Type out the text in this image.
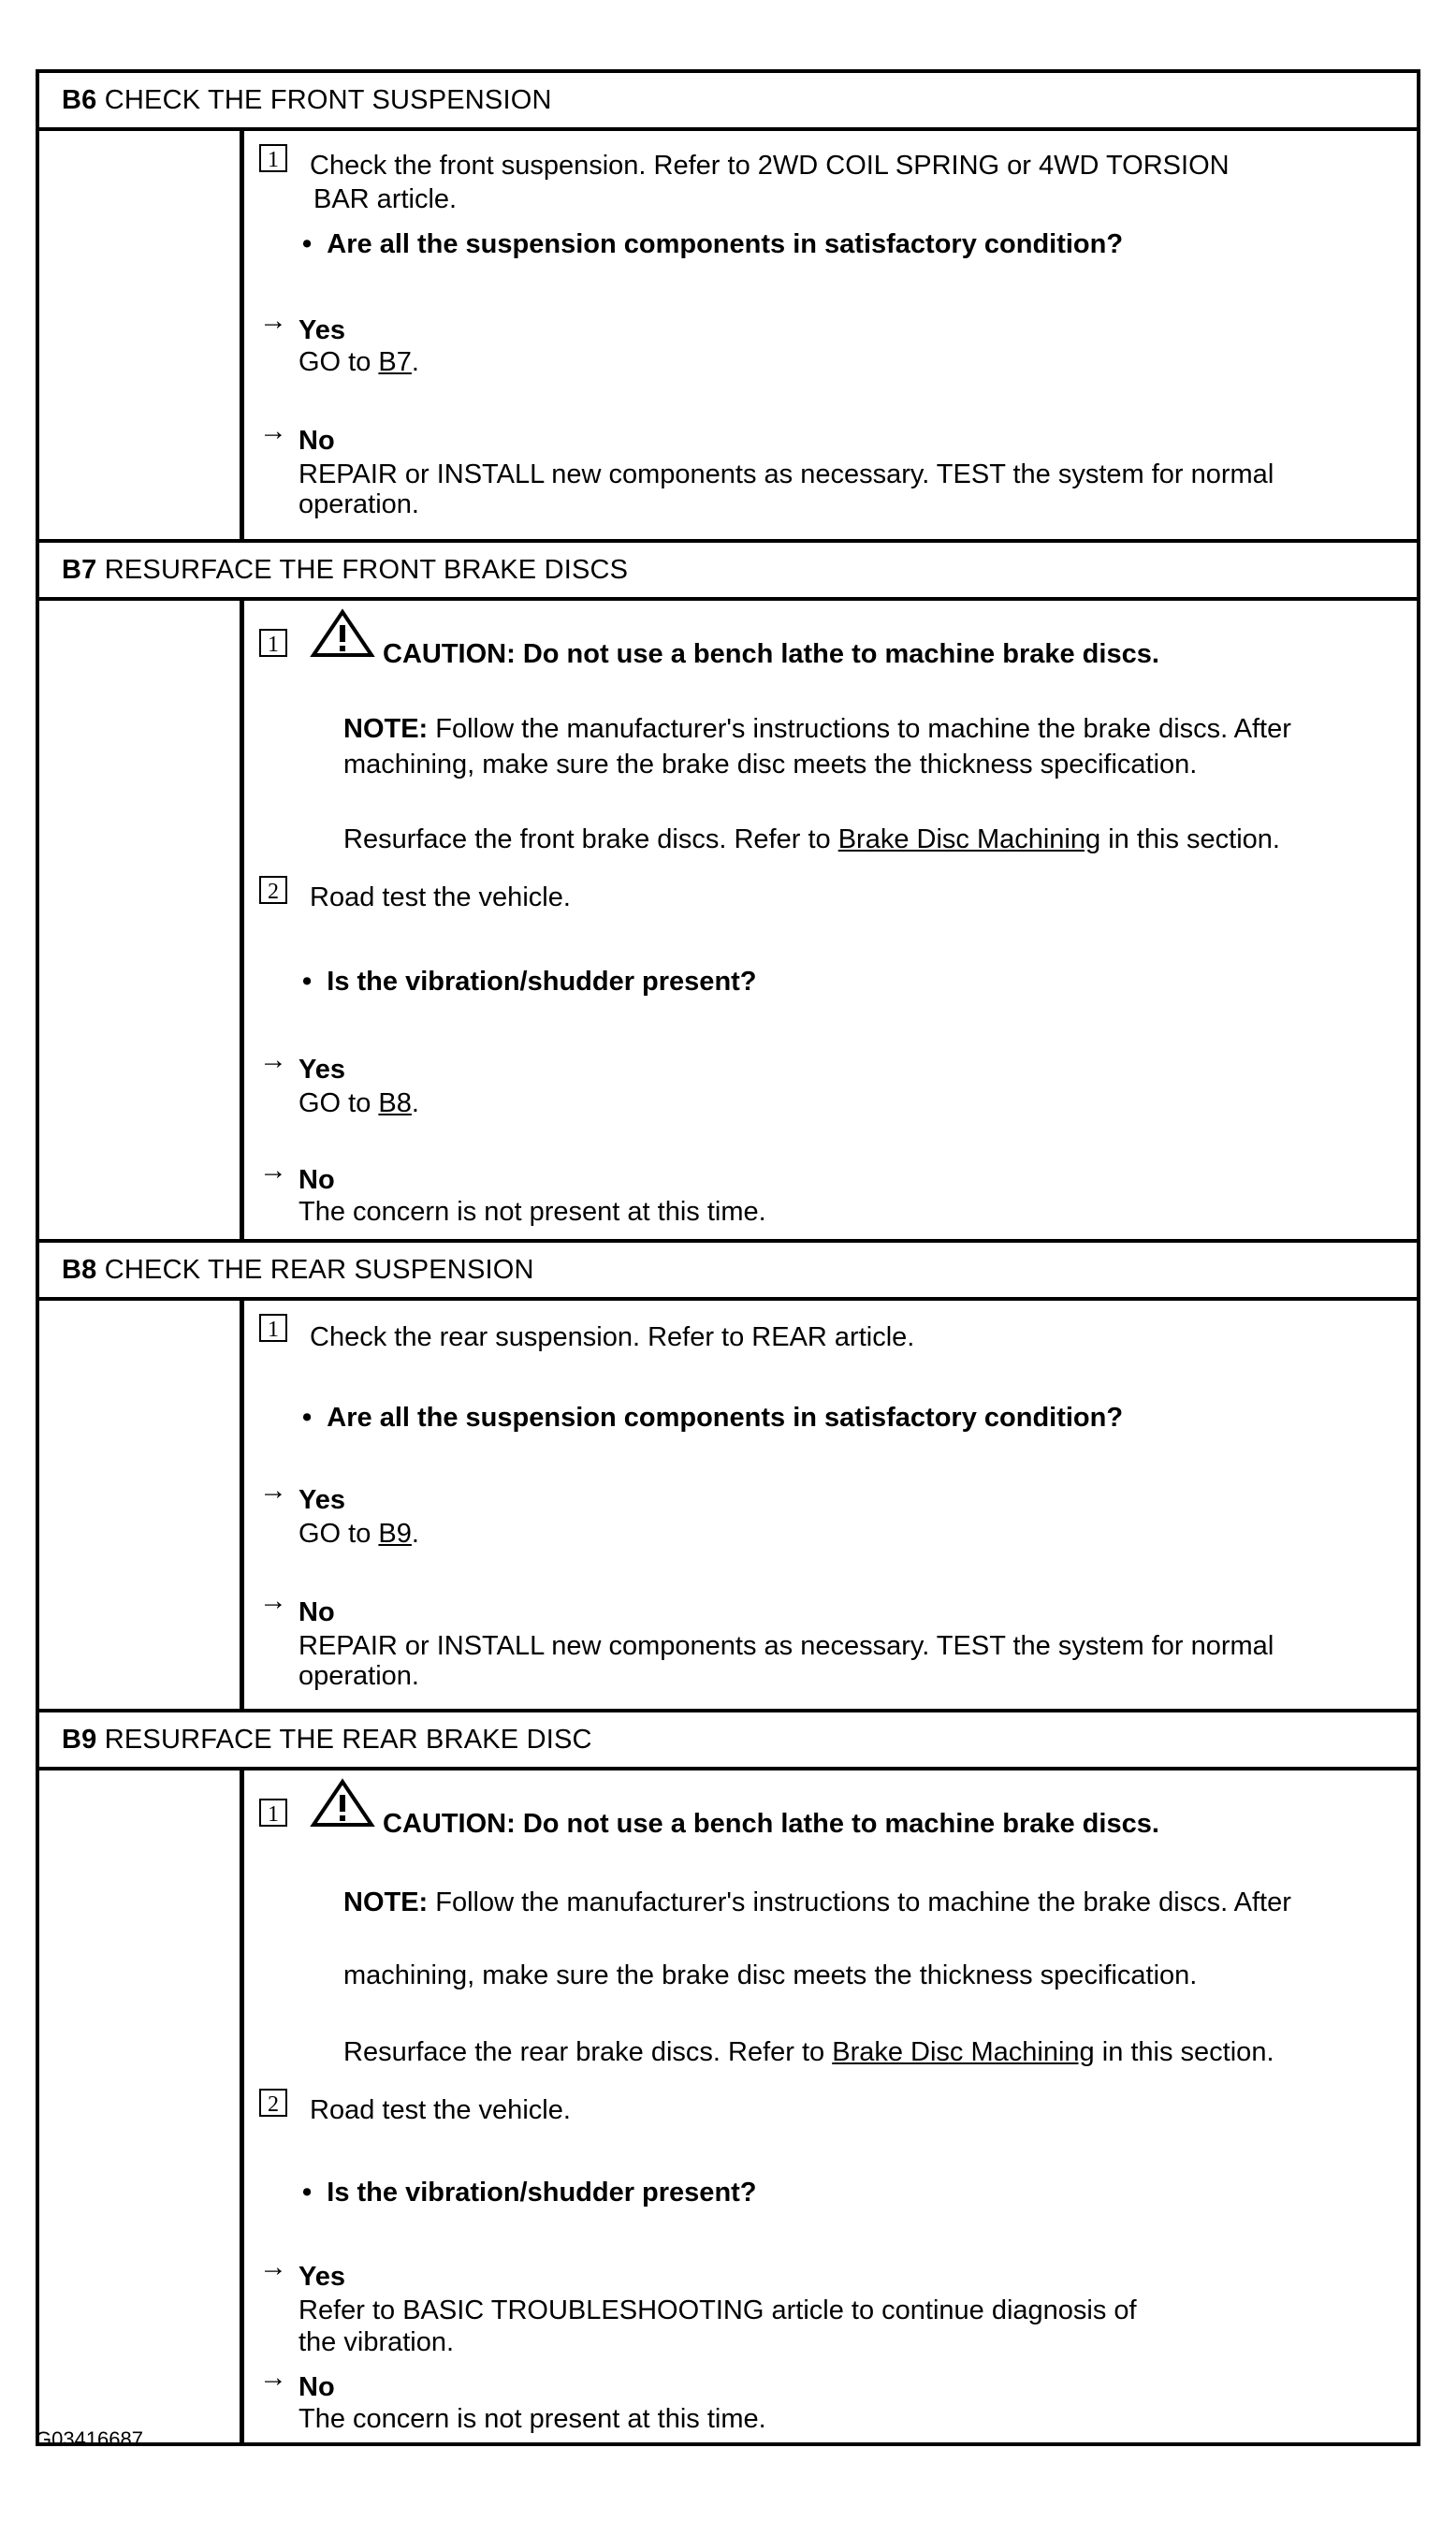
B6 CHECK THE FRONT SUSPENSION
1	Check the front suspension. Refer to 2WD COIL SPRING or 4WD TORSION
BAR article.
• Are all the suspension components in satisfactory condition?
→ Yes
GO to B7.
→ No
REPAIR or INSTALL new components as necessary. TEST the system for normal
operation.
B7 RESURFACE THE FRONT BRAKE DISCS
1	CAUTION: Do not use a bench lathe to machine brake discs.
NOTE: Follow the manufacturer's instructions to machine the brake discs. After
machining, make sure the brake disc meets the thickness specification.
Resurface the front brake discs. Refer to Brake Disc Machining in this section.
2	Road test the vehicle.
• Is the vibration/shudder present?
→ Yes
GO to B8.
→ No
The concern is not present at this time.
B8 CHECK THE REAR SUSPENSION
1	Check the rear suspension. Refer to REAR article.
• Are all the suspension components in satisfactory condition?
→ Yes
GO to B9.
→ No
REPAIR or INSTALL new components as necessary. TEST the system for normal
operation.
B9 RESURFACE THE REAR BRAKE DISC
1	CAUTION: Do not use a bench lathe to machine brake discs.
NOTE: Follow the manufacturer's instructions to machine the brake discs. After
machining, make sure the brake disc meets the thickness specification.
Resurface the rear brake discs. Refer to Brake Disc Machining in this section.
2	Road test the vehicle.
• Is the vibration/shudder present?
→ Yes
Refer to BASIC TROUBLESHOOTING article to continue diagnosis of
the vibration.
→ No
The concern is not present at this time.
G03416687
